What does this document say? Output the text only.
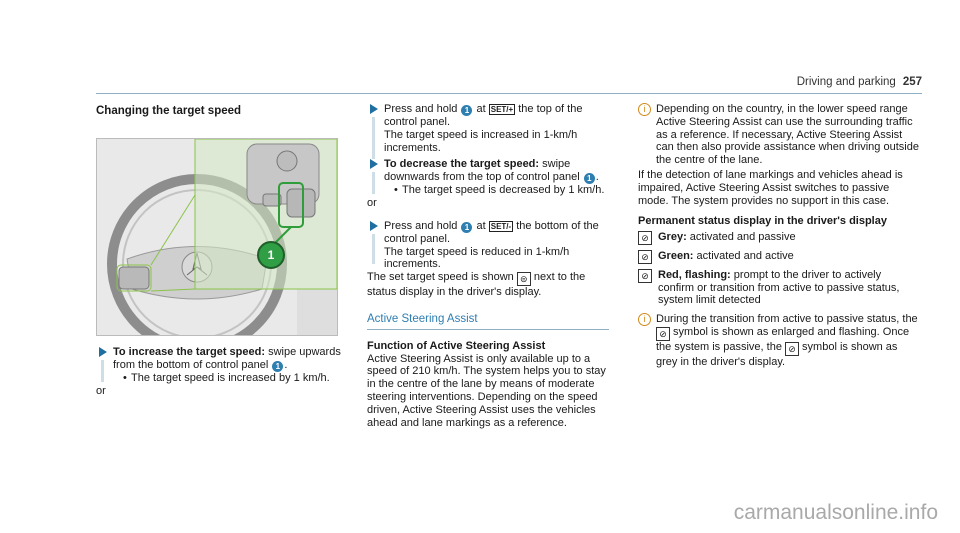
Driving and parking 257
Changing the target speed
1
To increase the target speed: swipe upwards from the bottom of control panel 1 .
• The target speed is increased by 1 km/h.
or
Press and hold 1 at SET/+ the top of the control panel.
The target speed is increased in 1-km/h increments.
To decrease the target speed: swipe downwards from the top of control panel 1 .
• The target speed is decreased by 1 km/h.
or
Press and hold 1 at SET/- the bottom of the control panel.
The target speed is reduced in 1-km/h increments.
The set target speed is shown ⊜ next to the status display in the driver's display.
Active Steering Assist
Function of Active Steering Assist
Active Steering Assist is only available up to a speed of 210 km/h. The system helps you to stay in the centre of the lane by means of moderate steering interventions. Depending on the speed driven, Active Steering Assist uses the vehicles ahead and lane markings as a reference.
i Depending on the country, in the lower speed range Active Steering Assist can use the surrounding traffic as a reference. If necessary, Active Steering Assist can then also provide assistance when driving outside the centre of the lane.
If the detection of lane markings and vehicles ahead is impaired, Active Steering Assist switches to passive mode. The system provides no support in this case.
Permanent status display in the driver's display
⊘ Grey: activated and passive
⊘ Green: activated and active
⊘ Red, flashing: prompt to the driver to actively confirm or transition from active to passive status, system limit detected
i During the transition from active to passive status, the ⊘ symbol is shown as enlarged and flashing. Once the system is passive, the ⊘ symbol is shown as grey in the driver's display.
carmanualsonline.info
